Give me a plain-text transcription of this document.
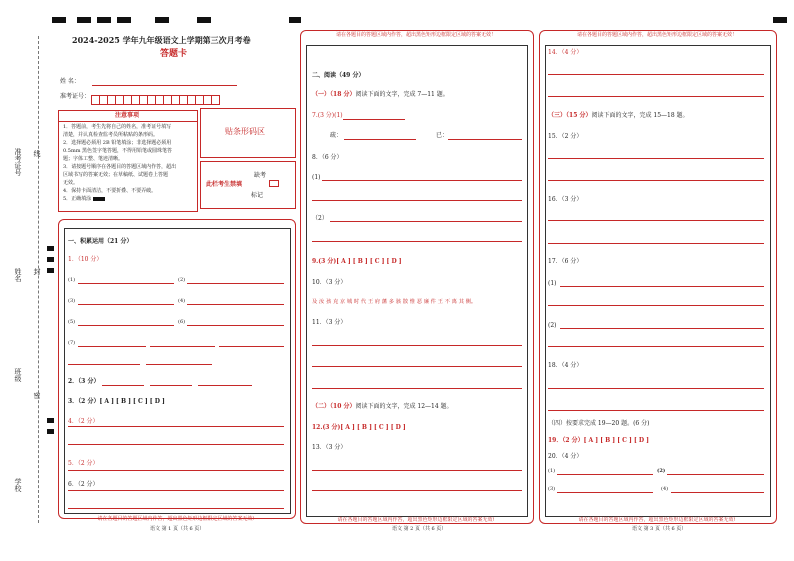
准考证号 线
姓名 封
班级
密
学校
2024-2025 学年九年级语文上学期第三次月考卷
答题卡
姓 名：
准考证号：
注意事项
1．答题前，考生先将自己的姓名，准考证号填写
清楚，并认真检查监考员所粘贴的条形码。
2．选择题必须用 2B 铅笔填涂；非选择题必须用
0.5mm 黑色签字笔答题，不得用铅笔或圆珠笔答
题；字体工整、笔迹清晰。
3．请按题号顺序在各题目的答题区域内作答，超出
区域书写的答案无效；在草稿纸、试题卷上答题
无效。
4．保持卡面清洁，不要折叠、不要弄破。
5．正确填涂
贴条形码区
此栏考生禁填
缺考
标记
请在各题目的答题区域内作答，超出黑色矩形边框限定区域的答案无效!
一、积累运用（21 分）
1．（10 分）
(1)	(2)
(3)	(4)
(5)	(6)
(7)
2．（3 分）
3．（2 分）[ A ] [ B ] [ C ] [ D ]
4．（2 分）
5．（2 分）
6．（2 分）
语文 第 1 页（共 6 页）
请在各题目的答题区域内作答，超出黑色矩形边框限定区域的答案无效！
请在各题目的答题区域内作答，超出黑色矩形边框限定区域的答案无效!
二、阅读（49 分）
（一）（18 分）阅读下面的文字，完成 7—11 题。
7.(3 分)(1)
疏：	已：
8．（6 分）
(1)
（2）
9.(3 分)[ A ] [ B ] [ C ] [ D ]
10．（3 分）
及 汝 孩 克 京 城 时 代 王 府 藩 多 骇 散 惟 恶 廉 件 王 不 离 其 侧。
11．（3 分）
（二）（10 分）阅读下面的文字，完成 12—14 题。
12.(3 分)[ A ] [ B ] [ C ] [ D ]
13．（3 分）
语文 第 2 页（共 6 页）
请在各题目的答题区域内作答，超出黑色矩形边框限定区域的答案无效！
请在各题目的答题区域内作答，超出黑色矩形边框限定区域的答案无效!
14．（4 分）
（三）（15 分）阅读下面的文字，完成 15—18 题。
15．（2 分）
16．（3 分）
17．（6 分）
(1)
(2)
18．（4 分）
（四）按要求完成 19—20 题。(6 分)
19．（2 分）[ A ] [ B ] [ C ] [ D ]
20．（4 分）
(1)	(2)
(3)	(4)
语文 第 3 页（共 6 页）
